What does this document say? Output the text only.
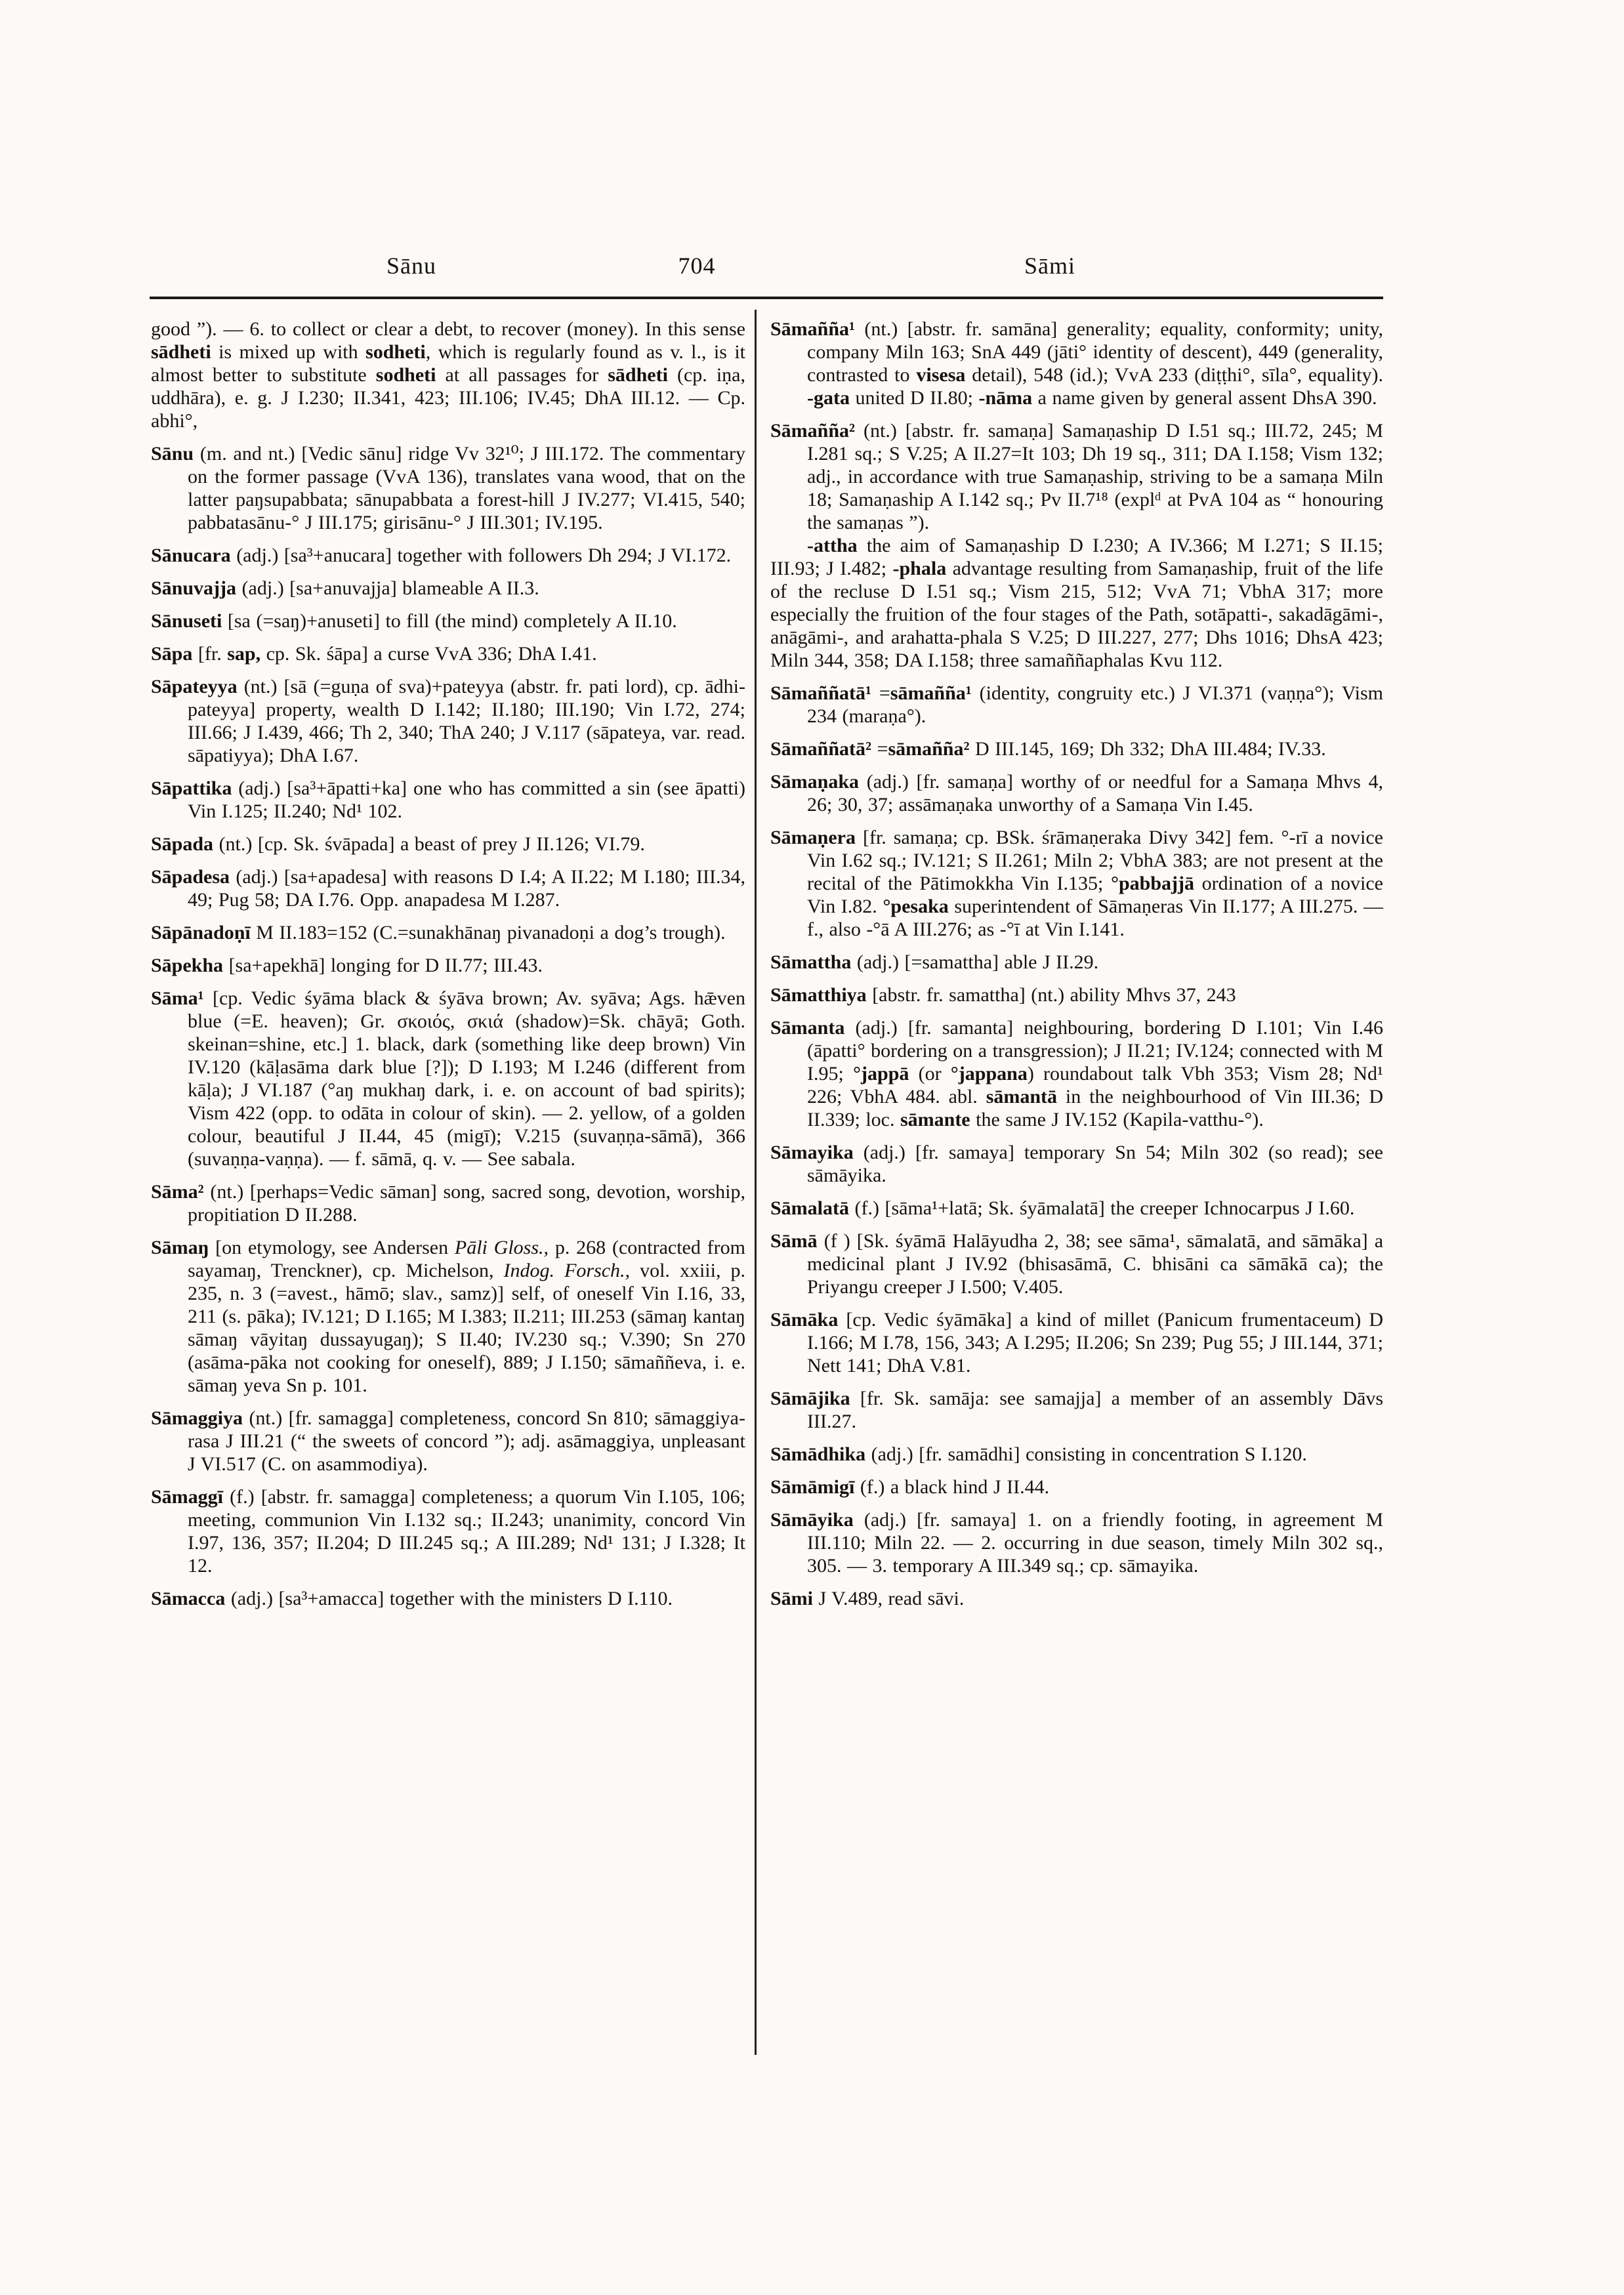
Sānu	704	Sāmi

good ”). — 6. to collect or clear a debt, to recover (money). In this sense sādheti is mixed up with sodheti, which is regularly found as v. l., is it almost better to substitute sodheti at all passages for sādheti (cp. iṇa, uddhāra), e. g. J I.230; II.341, 423; III.106; IV.45; DhA III.12. — Cp. abhi°,

Sānu (m. and nt.) [Vedic sānu] ridge Vv 32¹⁰; J III.172. The commentary on the former passage (VvA 136), translates vana wood, that on the latter paŋsupabbata; sānupabbata a forest-hill J IV.277; VI.415, 540; pabbatasānu-° J III.175; girisānu-° J III.301; IV.195.

Sānucara (adj.) [sa³+anucara] together with followers Dh 294; J VI.172.

Sānuvajja (adj.) [sa+anuvajja] blameable A II.3.

Sānuseti [sa (=saŋ)+anuseti] to fill (the mind) completely A II.10.

Sāpa [fr. sap, cp. Sk. śāpa] a curse VvA 336; DhA I.41.

Sāpateyya (nt.) [sā (=guṇa of sva)+pateyya (abstr. fr. pati lord), cp. ādhi-pateyya] property, wealth D I.142; II.180; III.190; Vin I.72, 274; III.66; J I.439, 466; Th 2, 340; ThA 240; J V.117 (sāpateya, var. read. sāpatiyya); DhA I.67.

Sāpattika (adj.) [sa³+āpatti+ka] one who has committed a sin (see āpatti) Vin I.125; II.240; Nd¹ 102.

Sāpada (nt.) [cp. Sk. śvāpada] a beast of prey J II.126; VI.79.

Sāpadesa (adj.) [sa+apadesa] with reasons D I.4; A II.22; M I.180; III.34, 49; Pug 58; DA I.76. Opp. anapadesa M I.287.

Sāpānadoṇī M II.183=152 (C.=sunakhānaŋ pivanadoṇi a dog’s trough).

Sāpekha [sa+apekhā] longing for D II.77; III.43.

Sāma¹ [cp. Vedic śyāma black & śyāva brown; Av. syāva; Ags. hǣven blue (=E. heaven); Gr. σκοιός, σκιά (shadow)=Sk. chāyā; Goth. skeinan=shine, etc.] 1. black, dark (something like deep brown) Vin IV.120 (kāḷasāma dark blue [?]); D I.193; M I.246 (different from kāḷa); J VI.187 (°aŋ mukhaŋ dark, i. e. on account of bad spirits); Vism 422 (opp. to odāta in colour of skin). — 2. yellow, of a golden colour, beautiful J II.44, 45 (migī); V.215 (suvaṇṇa-sāmā), 366 (suvaṇṇa-vaṇṇa). — f. sāmā, q. v. — See sabala.

Sāma² (nt.) [perhaps=Vedic sāman] song, sacred song, devotion, worship, propitiation D II.288.

Sāmaŋ [on etymology, see Andersen Pāli Gloss., p. 268 (contracted from sayamaŋ, Trenckner), cp. Michelson, Indog. Forsch., vol. xxiii, p. 235, n. 3 (=avest., hāmō; slav., samz)] self, of oneself Vin I.16, 33, 211 (s. pāka); IV.121; D I.165; M I.383; II.211; III.253 (sāmaŋ kantaŋ sāmaŋ vāyitaŋ dussayugaŋ); S II.40; IV.230 sq.; V.390; Sn 270 (asāma-pāka not cooking for oneself), 889; J I.150; sāmaññeva, i. e. sāmaŋ yeva Sn p. 101.

Sāmaggiya (nt.) [fr. samagga] completeness, concord Sn 810; sāmaggiya-rasa J III.21 (“ the sweets of concord ”); adj. asāmaggiya, unpleasant J VI.517 (C. on asammodiya).

Sāmaggī (f.) [abstr. fr. samagga] completeness; a quorum Vin I.105, 106; meeting, communion Vin I.132 sq.; II.243; unanimity, concord Vin I.97, 136, 357; II.204; D III.245 sq.; A III.289; Nd¹ 131; J I.328; It 12.

Sāmacca (adj.) [sa³+amacca] together with the ministers D I.110.

Sāmañña¹ (nt.) [abstr. fr. samāna] generality; equality, conformity; unity, company Miln 163; SnA 449 (jāti° identity of descent), 449 (generality, contrasted to visesa detail), 548 (id.); VvA 233 (diṭṭhi°, sīla°, equality). -gata united D II.80; -nāma a name given by general assent DhsA 390.

Sāmañña² (nt.) [abstr. fr. samaṇa] Samaṇaship D I.51 sq.; III.72, 245; M I.281 sq.; S V.25; A II.27=It 103; Dh 19 sq., 311; DA I.158; Vism 132; adj., in accordance with true Samaṇaship, striving to be a samaṇa Miln 18; Samaṇaship A I.142 sq.; Pv II.7¹⁸ (explᵈ at PvA 104 as “ honouring the samaṇas ”).

-attha the aim of Samaṇaship D I.230; A IV.366; M I.271; S II.15; III.93; J I.482; -phala advantage resulting from Samaṇaship, fruit of the life of the recluse D I.51 sq.; Vism 215, 512; VvA 71; VbhA 317; more especially the fruition of the four stages of the Path, sotāpatti-, sakadāgāmi-, anāgāmi-, and arahatta-phala S V.25; D III.227, 277; Dhs 1016; DhsA 423; Miln 344, 358; DA I.158; three samaññaphalas Kvu 112.

Sāmaññatā¹ =sāmañña¹ (identity, congruity etc.) J VI.371 (vaṇṇa°); Vism 234 (maraṇa°).

Sāmaññatā² =sāmañña² D III.145, 169; Dh 332; DhA III.484; IV.33.

Sāmaṇaka (adj.) [fr. samaṇa] worthy of or needful for a Samaṇa Mhvs 4, 26; 30, 37; assāmaṇaka unworthy of a Samaṇa Vin I.45.

Sāmaṇera [fr. samaṇa; cp. BSk. śrāmaṇeraka Divy 342] fem. °-rī a novice Vin I.62 sq.; IV.121; S II.261; Miln 2; VbhA 383; are not present at the recital of the Pātimokkha Vin I.135; °pabbajjā ordination of a novice Vin I.82. °pesaka superintendent of Sāmaṇeras Vin II.177; A III.275. — f., also -°ā A III.276; as -°ī at Vin I.141.

Sāmattha (adj.) [=samattha] able J II.29.

Sāmatthiya [abstr. fr. samattha] (nt.) ability Mhvs 37, 243

Sāmanta (adj.) [fr. samanta] neighbouring, bordering D I.101; Vin I.46 (āpatti° bordering on a transgression); J II.21; IV.124; connected with M I.95; °jappā (or °jappana) roundabout talk Vbh 353; Vism 28; Nd¹ 226; VbhA 484. abl. sāmantā in the neighbourhood of Vin III.36; D II.339; loc. sāmante the same J IV.152 (Kapila-vatthu-°).

Sāmayika (adj.) [fr. samaya] temporary Sn 54; Miln 302 (so read); see sāmāyika.

Sāmalatā (f.) [sāma¹+latā; Sk. śyāmalatā] the creeper Ichnocarpus J I.60.

Sāmā (f ) [Sk. śyāmā Halāyudha 2, 38; see sāma¹, sāmalatā, and sāmāka] a medicinal plant J IV.92 (bhisasāmā, C. bhisāni ca sāmākā ca); the Priyangu creeper J I.500; V.405.

Sāmāka [cp. Vedic śyāmāka] a kind of millet (Panicum frumentaceum) D I.166; M I.78, 156, 343; A I.295; II.206; Sn 239; Pug 55; J III.144, 371; Nett 141; DhA V.81.

Sāmājika [fr. Sk. samāja: see samajja] a member of an assembly Dāvs III.27.

Sāmādhika (adj.) [fr. samādhi] consisting in concentration S I.120.

Sāmāmigī (f.) a black hind J II.44.

Sāmāyika (adj.) [fr. samaya] 1. on a friendly footing, in agreement M III.110; Miln 22. — 2. occurring in due season, timely Miln 302 sq., 305. — 3. temporary A III.349 sq.; cp. sāmayika.

Sāmi J V.489, read sāvi.
